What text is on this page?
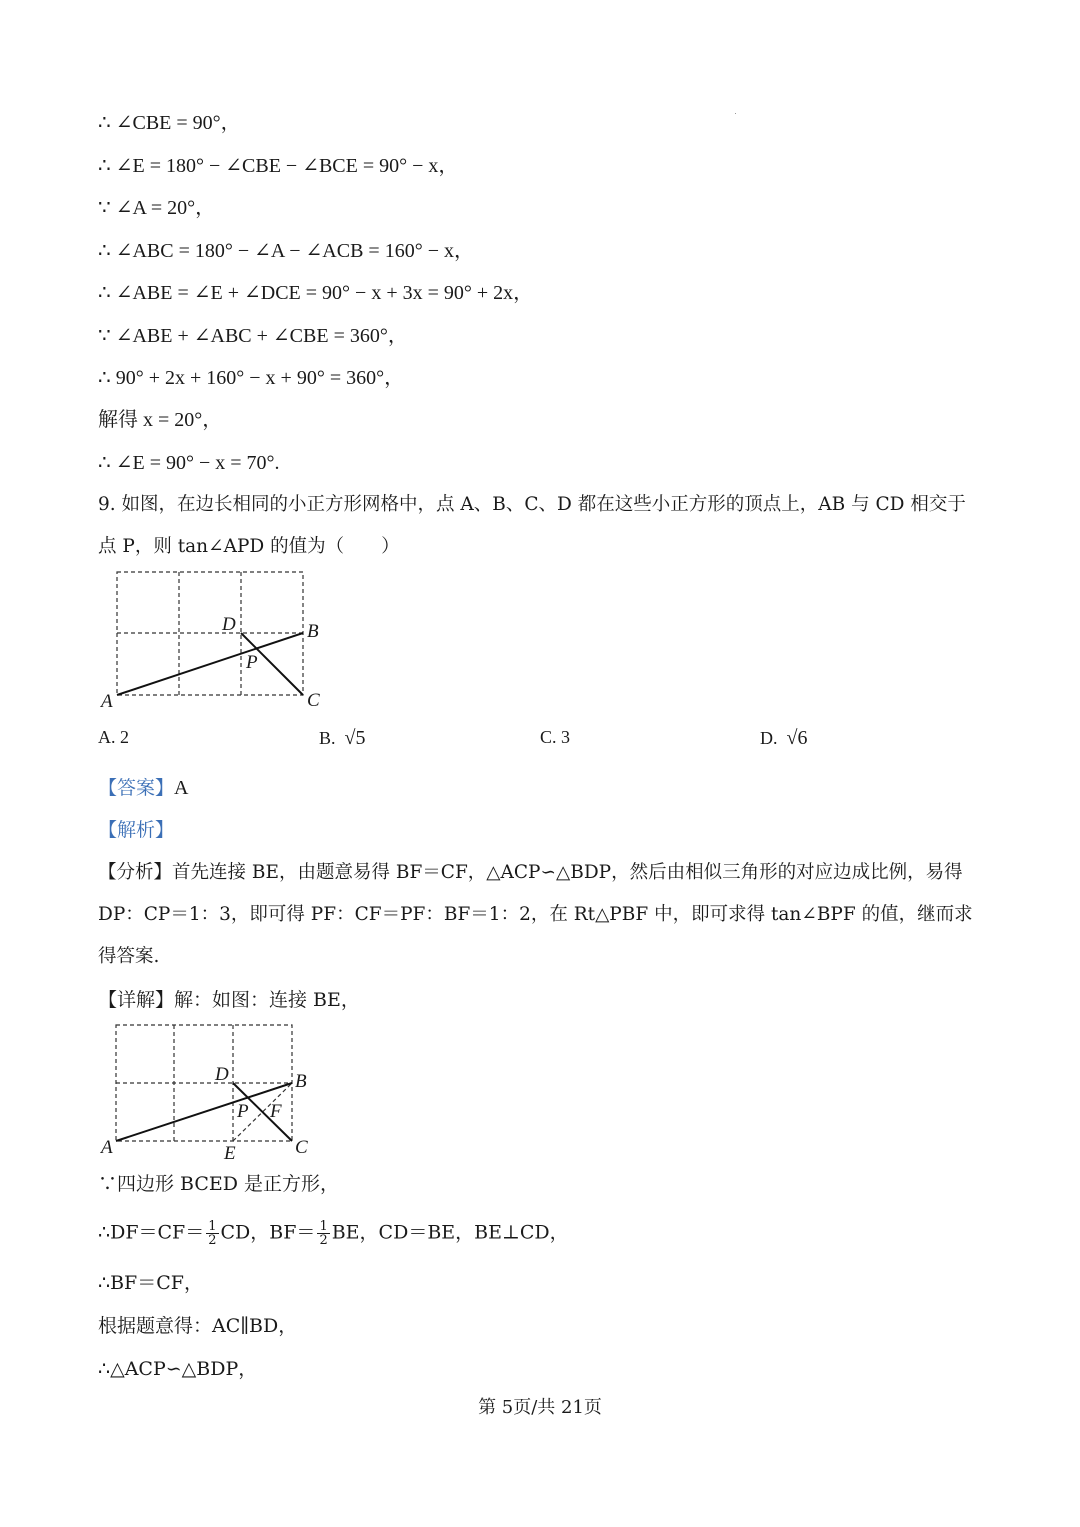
∴ ∠CBE = 90°，
∴ ∠E = 180° − ∠CBE − ∠BCE = 90° − x，
∵ ∠A = 20°，
∴ ∠ABC = 180° − ∠A − ∠ACB = 160° − x，
∴ ∠ABE = ∠E + ∠DCE = 90° − x + 3x = 90° + 2x，
∵ ∠ABE + ∠ABC + ∠CBE = 360°，
∴ 90° + 2x + 160° − x + 90° = 360°，
解得 x = 20°，
∴ ∠E = 90° − x = 70°.
9. 如图，在边长相同的小正方形网格中，点 A、B、C、D 都在这些小正方形的顶点上，AB 与 CD 相交于点 P，则 tan∠APD 的值为（　　）
A
B
C
D
P
A. 2	B. √5	C. 3	D. √6
【答案】A
【解析】
【分析】首先连接 BE，由题意易得 BF＝CF，△ACP∽△BDP，然后由相似三角形的对应边成比例，易得 DP：CP＝1：3，即可得 PF：CF＝PF：BF＝1：2，在 Rt△PBF 中，即可求得 tan∠BPF 的值，继而求得答案.
【详解】解：如图：连接 BE，
A
B
C
D
E
F
P
∵四边形 BCED 是正方形，
∴DF＝CF＝ $\frac{1}{2}$ CD，$BF= \frac{1}{2}$ BE，CD＝BE，BE⊥CD，
∴BF＝CF，
根据题意得：AC∥BD，
∴△ACP∽△BDP，
第 5页/共 21页
